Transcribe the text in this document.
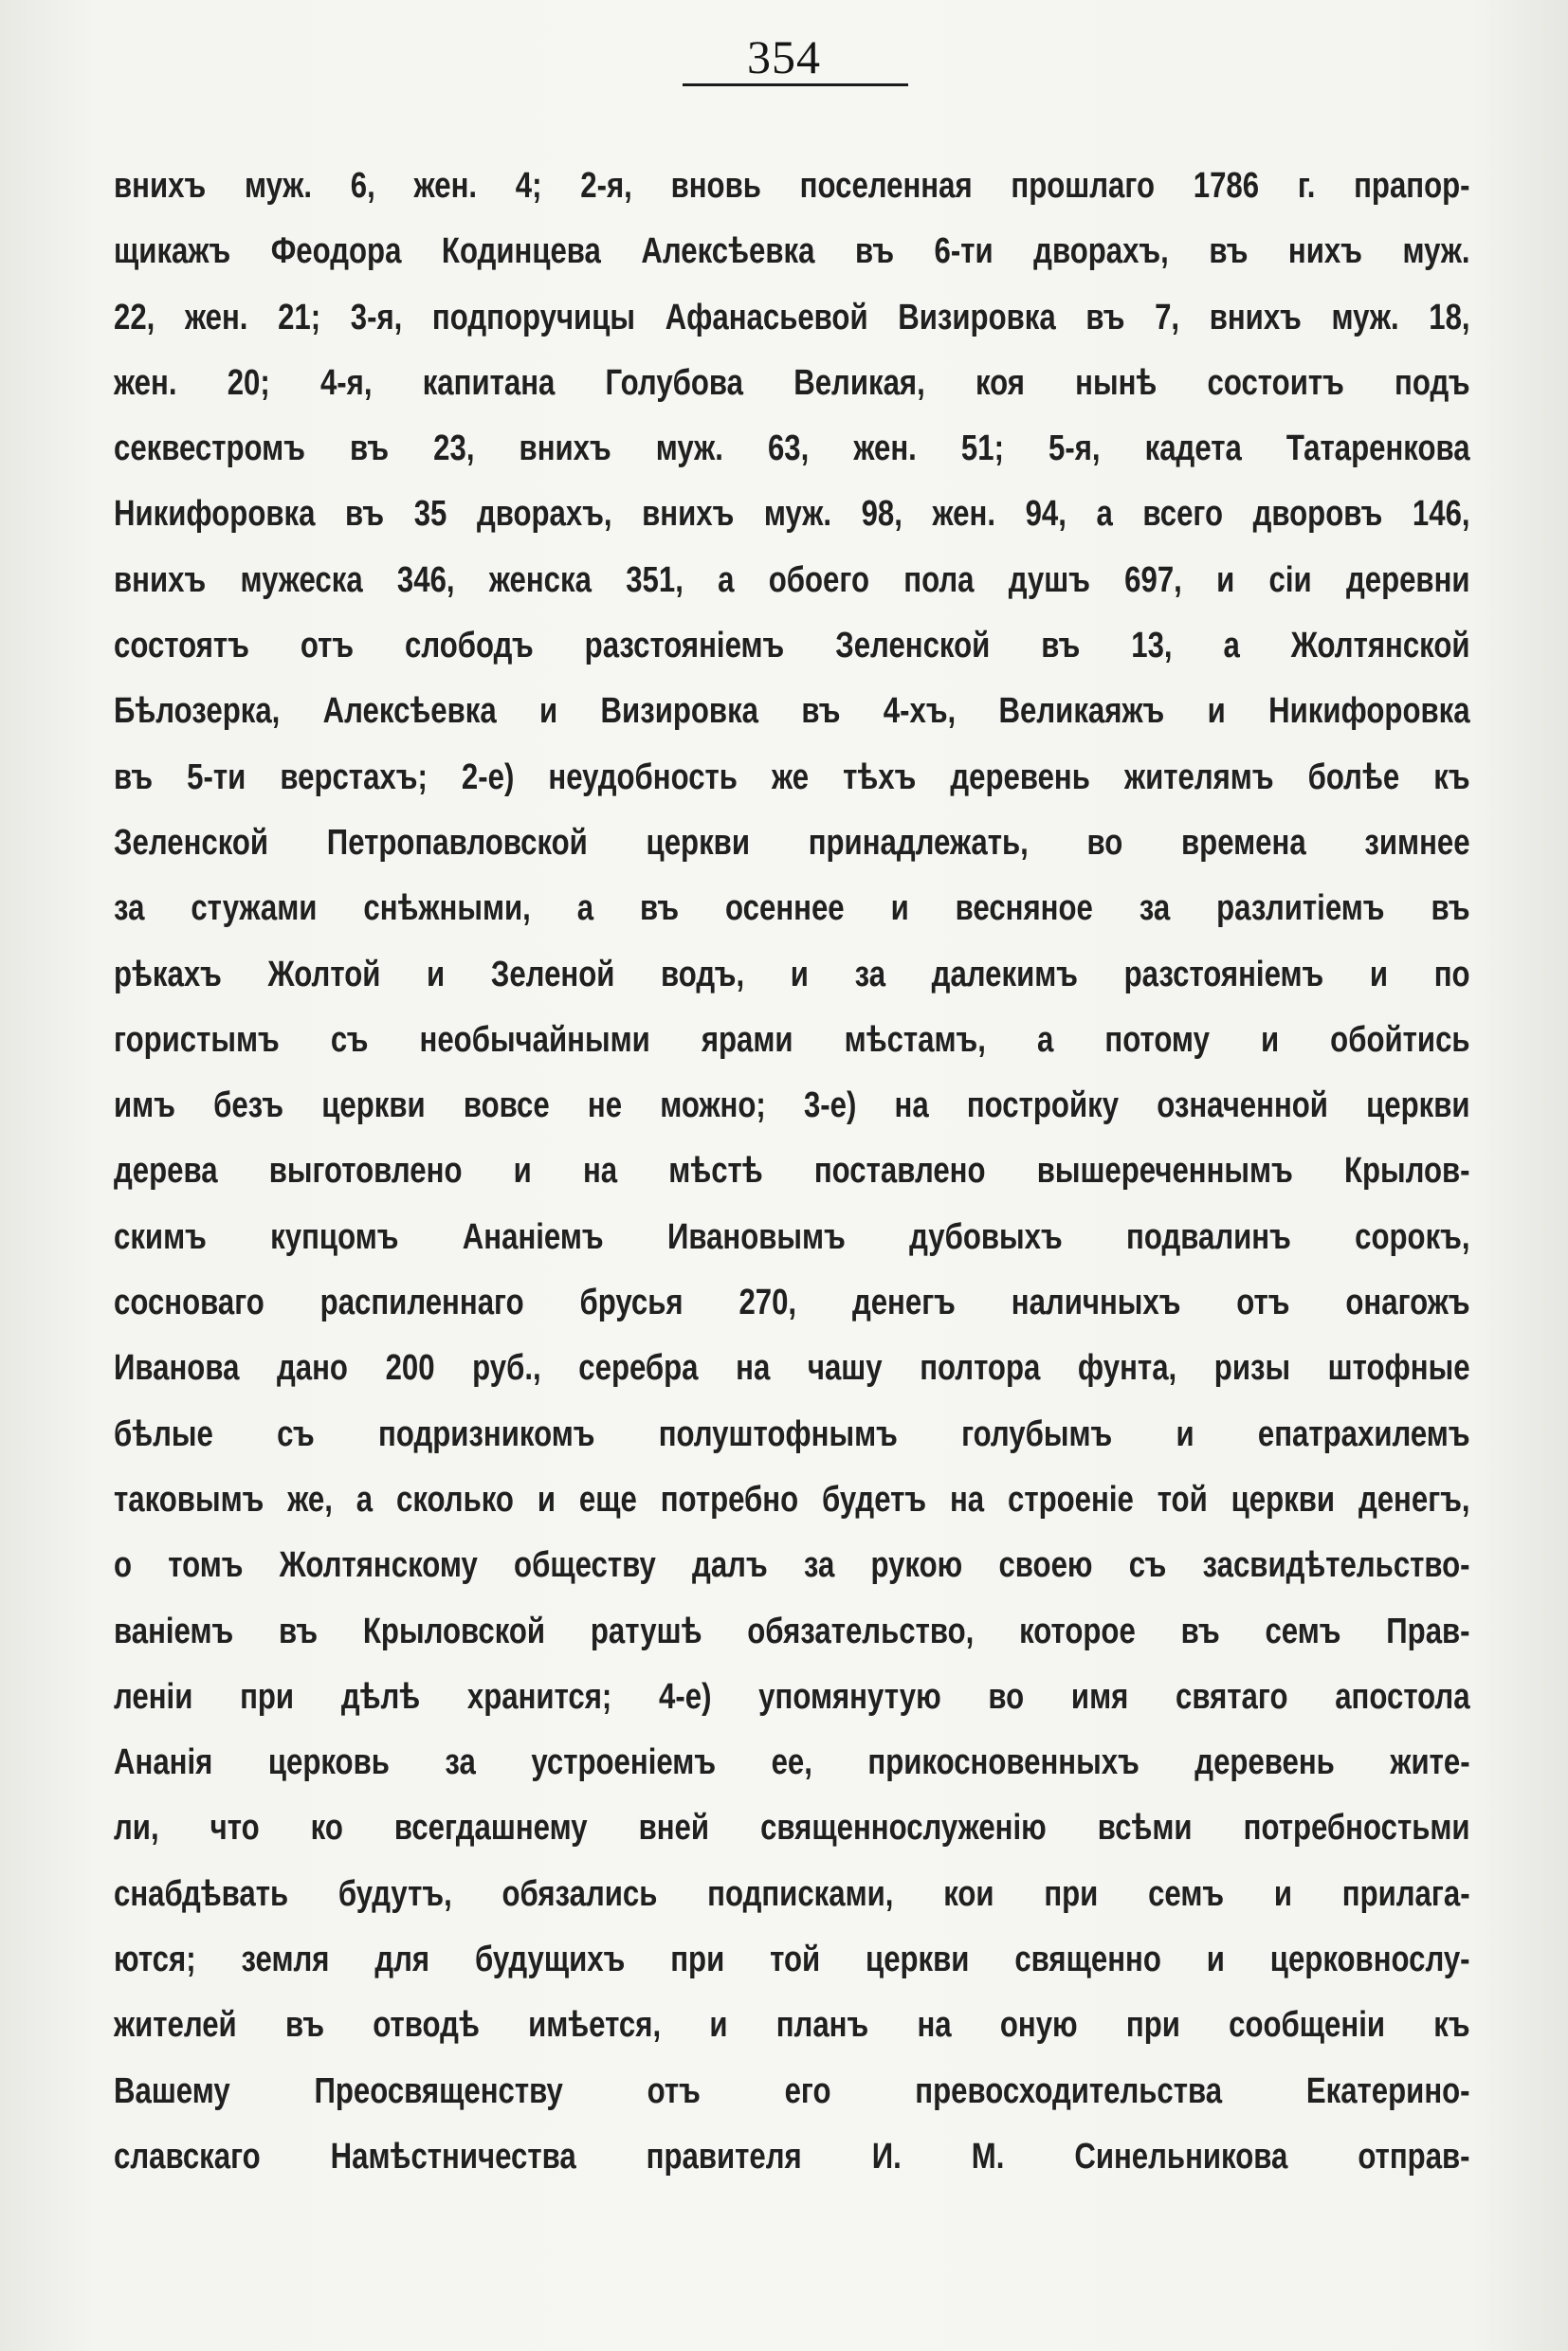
354
вниxъ муж. 6, жен. 4; 2-я, вновь поселенная прошлаго 1786 г. прапор-
щикажъ Феодора Кодинцева Алексѣевка въ 6-ти дворахъ, въ нихъ муж.
22, жен. 21; 3-я, подпоручицы Афанасьевой Визировка въ 7, вниxъ муж. 18,
жен. 20; 4-я, капитана Голубова Великая, коя нынѣ состоитъ подъ
секвестромъ въ 23, вниxъ муж. 63, жен. 51; 5-я, кадета Татаренкова
Никифоровка въ 35 дворахъ, вниxъ муж. 98, жен. 94, а всего дворовъ 146,
вниxъ мужеска 346, женска 351, а обоего пола душъ 697, и сіи деревни
состоятъ отъ слободъ разстояніемъ Зеленской въ 13, а Жолтянской
Бѣлозерка, Алексѣевка и Визировка въ 4-хъ, Великаяжъ и Никифоровка
въ 5-ти верстахъ; 2-е) неудобность же тѣхъ деревень жителямъ болѣе къ
Зеленской Петропавловской церкви принадлежать, во времена зимнее
за стужами снѣжными, а въ осеннее и весняное за разлитіемъ въ
рѣкахъ Жолтой и Зеленой водъ, и за далекимъ разстояніемъ и по
гористымъ съ необычайными ярами мѣстамъ, а потому и обойтись
имъ безъ церкви вовсе не можно; 3-е) на постройку означенной церкви
дерева выготовлено и на мѣстѣ поставлено вышереченнымъ Крылов-
скимъ купцомъ Ананіемъ Ивановымъ дубовыхъ подвалинъ сорокъ,
сосноваго распиленнаго брусья 270, денегъ наличныхъ отъ онагожъ
Иванова дано 200 руб., серебра на чашу полтора фунта, ризы штофные
бѣлые съ подризникомъ полуштофнымъ голубымъ и епатрахилемъ
таковымъ же, а сколько и еще потребно будетъ на строеніе той церкви денегъ,
о томъ Жолтянскому обществу далъ за рукою своею съ засвидѣтельство-
ваніемъ въ Крыловской ратушѣ обязательство, которое въ семъ Прав-
леніи при дѣлѣ хранится; 4-е) упомянутую во имя святаго апостола
Ананія церковь за устроеніемъ ее, прикосновенныхъ деревень жите-
ли, что ко всегдашнему вней священнослуженію всѣми потребностьми
снабдѣвать будутъ, обязались подписками, кои при семъ и прилага-
ются; земля для будущихъ при той церкви священно и церковнослу-
жителей въ отводѣ имѣется, и планъ на оную при сообщеніи къ
Вашему Преосвященству отъ его превосходительства Екатерино-
славскаго Намѣстничества правителя И. М. Синельникова отправ-
